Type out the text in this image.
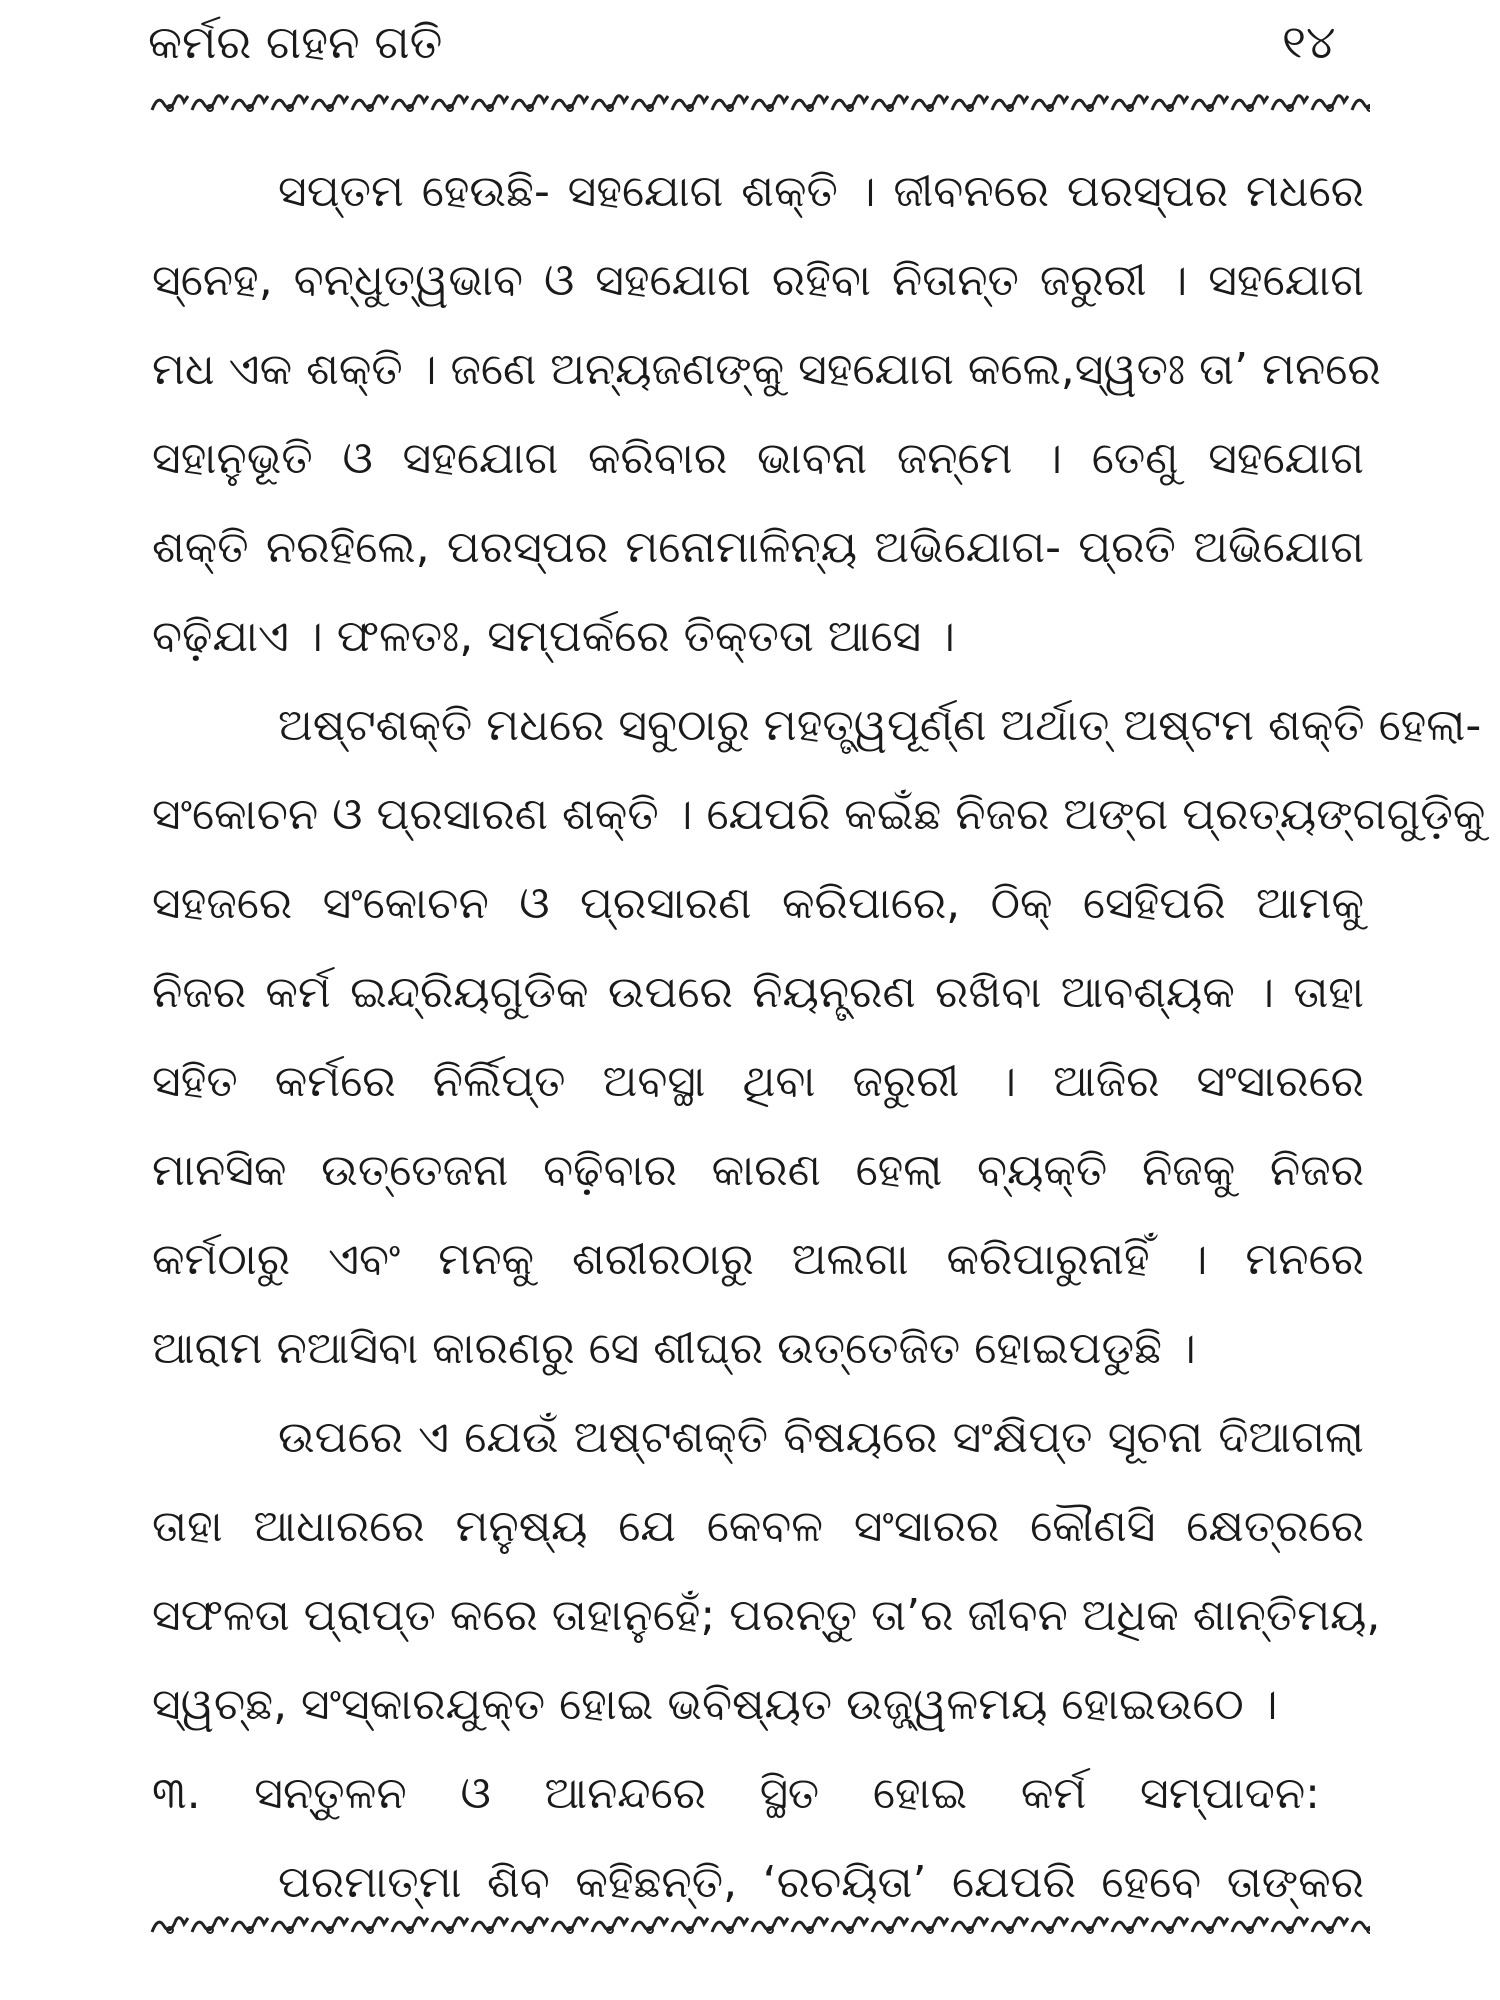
କର୍ମର ଗହନ ଗତି	୧୪
ସପ୍ତମ ହେଉଛି- ସହଯୋଗ ଶକ୍ତି । ଜୀବନରେ ପରସ୍ପର ମଧରେ
ସ୍ନେହ, ବନ୍ଧୁତ୍ୱଭାବ ଓ ସହଯୋଗ ରହିବା ନିତାନ୍ତ ଜରୁରୀ । ସହଯୋଗ
ମଧ ଏକ ଶକ୍ତି । ଜଣେ ଅନ୍ୟଜଣଙ୍କୁ ସହଯୋଗ କଲେ,ସ୍ୱତଃ ତା’ ମନରେ
ସହାନୁଭୂତି ଓ ସହଯୋଗ କରିବାର ଭାବନା ଜନ୍ମେ । ତେଣୁ ସହଯୋଗ
ଶକ୍ତି ନରହିଲେ, ପରସ୍ପର ମନୋମାଳିନ୍ୟ ଅଭିଯୋଗ- ପ୍ରତି ଅଭିଯୋଗ
ବଢ଼ିଯାଏ । ଫଳତଃ, ସମ୍ପର୍କରେ ତିକ୍ତତା ଆସେ ।
ଅଷ୍ଟଶକ୍ତି ମଧରେ ସବୁଠାରୁ ମହତ୍ତ୍ୱପୂର୍ଣ୍ଣ ଅର୍ଥାତ୍ ଅଷ୍ଟମ ଶକ୍ତି ହେଲା-
ସଂକୋଚନ ଓ ପ୍ରସାରଣ ଶକ୍ତି । ଯେପରି କଇଁଛ ନିଜର ଅଙ୍ଗ ପ୍ରତ୍ୟଙ୍ଗଗୁଡ଼ିକୁ
ସହଜରେ ସଂକୋଚନ ଓ ପ୍ରସାରଣ କରିପାରେ, ଠିକ୍ ସେହିପରି ଆମକୁ
ନିଜର କର୍ମ ଇନ୍ଦ୍ରିୟଗୁଡିକ ଉପରେ ନିୟନ୍ତ୍ରଣ ରଖିବା ଆବଶ୍ୟକ । ତାହା
ସହିତ କର୍ମରେ ନିର୍ଲିପ୍ତ ଅବସ୍ଥା ଥିବା ଜରୁରୀ । ଆଜିର ସଂସାରରେ
ମାନସିକ ଉତ୍ତେଜନା ବଢ଼ିବାର କାରଣ ହେଲା ବ୍ୟକ୍ତି ନିଜକୁ ନିଜର
କର୍ମଠାରୁ ଏବଂ ମନକୁ ଶରୀରଠାରୁ ଅଲଗା କରିପାରୁନାହିଁ । ମନରେ
ଆରାମ ନଆସିବା କାରଣରୁ ସେ ଶୀଘ୍ର ଉତ୍ତେଜିତ ହୋଇପଡୁଛି ।
ଉପରେ ଏ ଯେଉଁ ଅଷ୍ଟଶକ୍ତି ବିଷୟରେ ସଂକ୍ଷିପ୍ତ ସୂଚନା ଦିଆଗଲା
ତାହା ଆଧାରରେ ମନୁଷ୍ୟ ଯେ କେବଳ ସଂସାରର କୌଣସି କ୍ଷେତ୍ରରେ
ସଫଳତା ପ୍ରାପ୍ତ କରେ ତାହାନୁହେଁ; ପରନ୍ତୁ ତା’ର ଜୀବନ ଅଧିକ ଶାନ୍ତିମୟ,
ସ୍ୱଚ୍ଛ, ସଂସ୍କାରଯୁକ୍ତ ହୋଇ ଭବିଷ୍ୟତ ଉଜ୍ଜ୍ୱଳମୟ ହୋଇଉଠେ ।
୩. ସନ୍ତୁଳନ ଓ ଆନନ୍ଦରେ ସ୍ଥିତ ହୋଇ କର୍ମ ସମ୍ପାଦନ:
ପରମାତ୍ମା ଶିବ କହିଛନ୍ତି, ‘ରଚୟିତା’ ଯେପରି ହେବେ ତାଙ୍କର
